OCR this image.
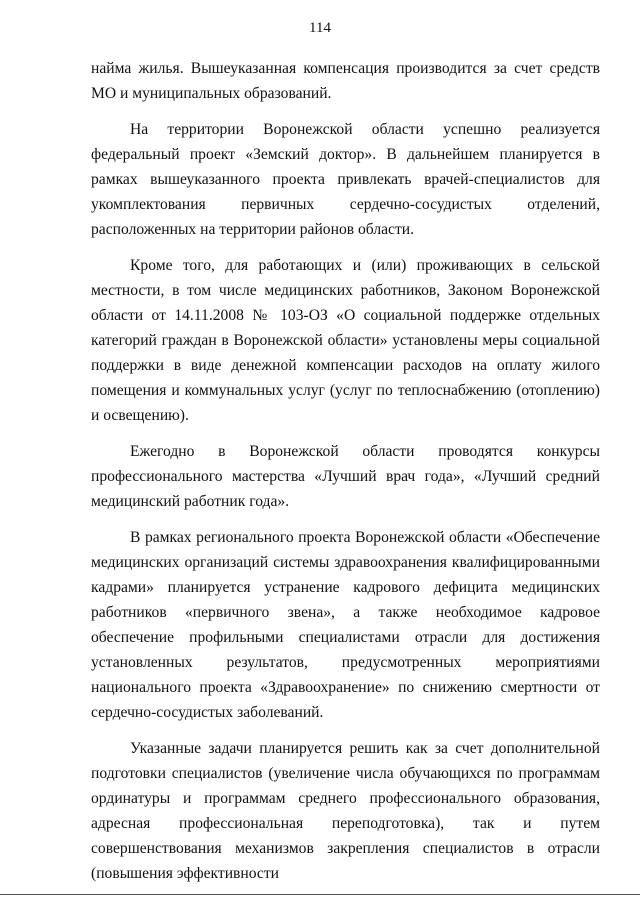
114

найма жилья. Вышеуказанная компенсация производится за счет средств МО и муниципальных образований.

На территории Воронежской области успешно реализуется федеральный проект «Земский доктор». В дальнейшем планируется в рамках вышеуказанного проекта привлекать врачей-специалистов для укомплектования первичных сердечно-сосудистых отделений, расположенных на территории районов области.

Кроме того, для работающих и (или) проживающих в сельской местности, в том числе медицинских работников, Законом Воронежской области от 14.11.2008 № 103-ОЗ «О социальной поддержке отдельных категорий граждан в Воронежской области» установлены меры социальной поддержки в виде денежной компенсации расходов на оплату жилого помещения и коммунальных услуг (услуг по теплоснабжению (отоплению) и освещению).

Ежегодно в Воронежской области проводятся конкурсы профессионального мастерства «Лучший врач года», «Лучший средний медицинский работник года».

В рамках регионального проекта Воронежской области «Обеспечение медицинских организаций системы здравоохранения квалифицированными кадрами» планируется устранение кадрового дефицита медицинских работников «первичного звена», а также необходимое кадровое обеспечение профильными специалистами отрасли для достижения установленных результатов, предусмотренных мероприятиями национального проекта «Здравоохранение» по снижению смертности от сердечно-сосудистых заболеваний.

Указанные задачи планируется решить как за счет дополнительной подготовки специалистов (увеличение числа обучающихся по программам ординатуры и программам среднего профессионального образования, адресная профессиональная переподготовка), так и путем совершенствования механизмов закрепления специалистов в отрасли (повышения эффективности
